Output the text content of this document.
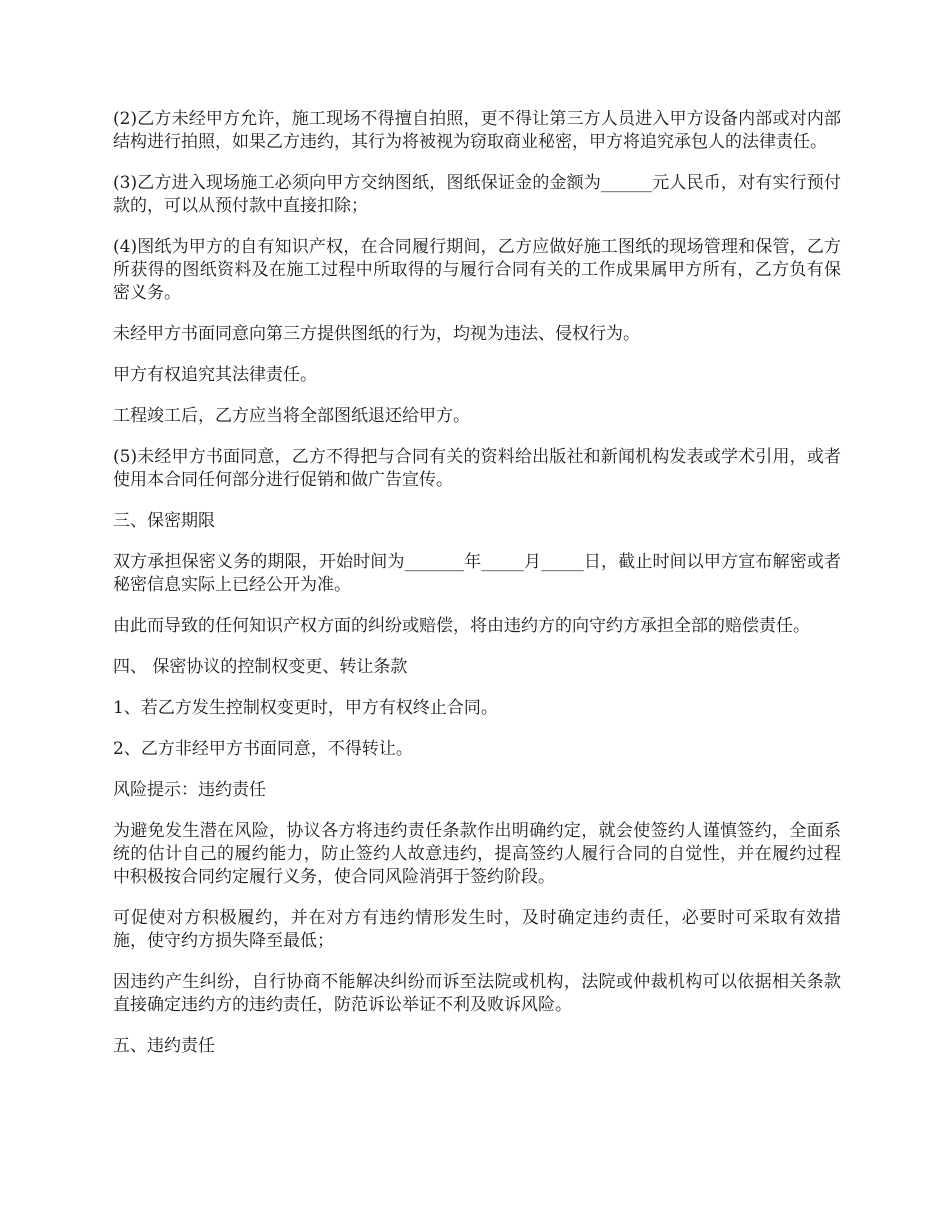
(2)乙方未经甲方允许，施工现场不得擅自拍照，更不得让第三方人员进入甲方设备内部或对内部结构进行拍照，如果乙方违约，其行为将被视为窃取商业秘密，甲方将追究承包人的法律责任。

(3)乙方进入现场施工必须向甲方交纳图纸，图纸保证金的金额为______元人民币，对有实行预付款的，可以从预付款中直接扣除；

(4)图纸为甲方的自有知识产权，在合同履行期间，乙方应做好施工图纸的现场管理和保管，乙方所获得的图纸资料及在施工过程中所取得的与履行合同有关的工作成果属甲方所有，乙方负有保密义务。

未经甲方书面同意向第三方提供图纸的行为，均视为违法、侵权行为。

甲方有权追究其法律责任。

工程竣工后，乙方应当将全部图纸退还给甲方。

(5)未经甲方书面同意，乙方不得把与合同有关的资料给出版社和新闻机构发表或学术引用，或者使用本合同任何部分进行促销和做广告宣传。

三、保密期限

双方承担保密义务的期限，开始时间为_______年_____月_____日，截止时间以甲方宣布解密或者秘密信息实际上已经公开为准。

由此而导致的任何知识产权方面的纠纷或赔偿，将由违约方的向守约方承担全部的赔偿责任。

四、 保密协议的控制权变更、转让条款

1、若乙方发生控制权变更时，甲方有权终止合同。

2、乙方非经甲方书面同意，不得转让。

风险提示：违约责任

为避免发生潜在风险，协议各方将违约责任条款作出明确约定，就会使签约人谨慎签约，全面系统的估计自己的履约能力，防止签约人故意违约，提高签约人履行合同的自觉性，并在履约过程中积极按合同约定履行义务，使合同风险消弭于签约阶段。

可促使对方积极履约，并在对方有违约情形发生时，及时确定违约责任，必要时可采取有效措施，使守约方损失降至最低；

因违约产生纠纷，自行协商不能解决纠纷而诉至法院或机构，法院或仲裁机构可以依据相关条款直接确定违约方的违约责任，防范诉讼举证不利及败诉风险。

五、违约责任
